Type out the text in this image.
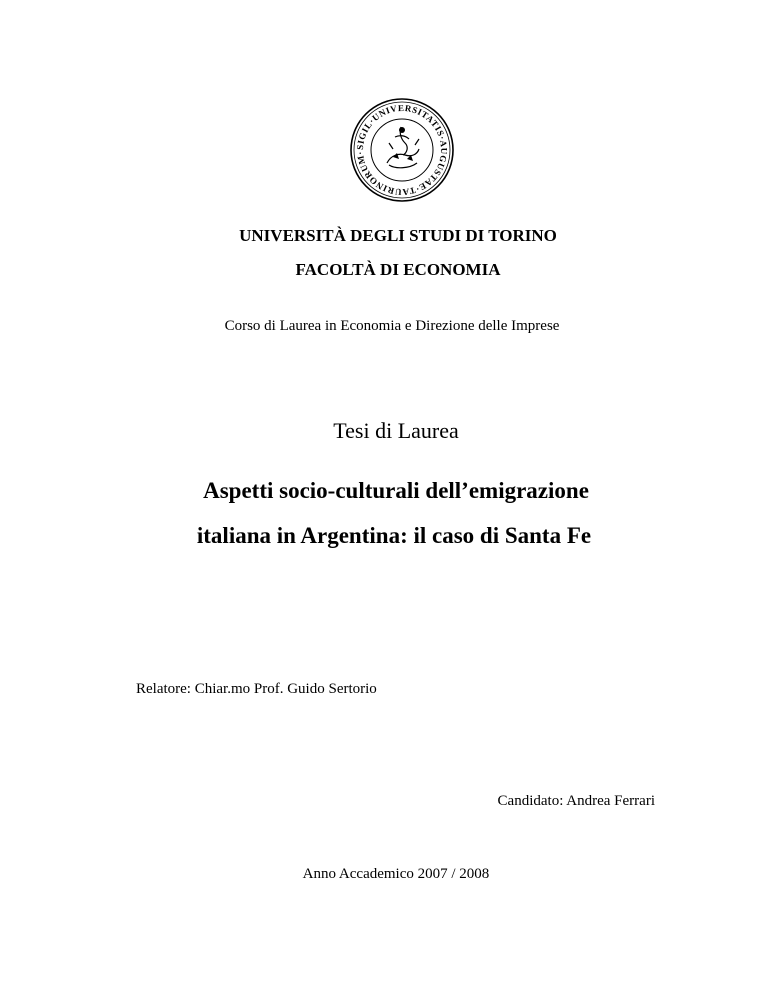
SIGIL·UNIVERSITATIS·AUGUSTAE·TAURINORUM·
UNIVERSITÀ DEGLI STUDI DI TORINO
FACOLTÀ DI ECONOMIA
Corso di Laurea in Economia e Direzione delle Imprese
Tesi di Laurea
Aspetti socio-culturali dell’emigrazione
italiana in Argentina: il caso di Santa Fe
Relatore: Chiar.mo Prof. Guido Sertorio
Candidato: Andrea Ferrari
Anno Accademico 2007 / 2008
